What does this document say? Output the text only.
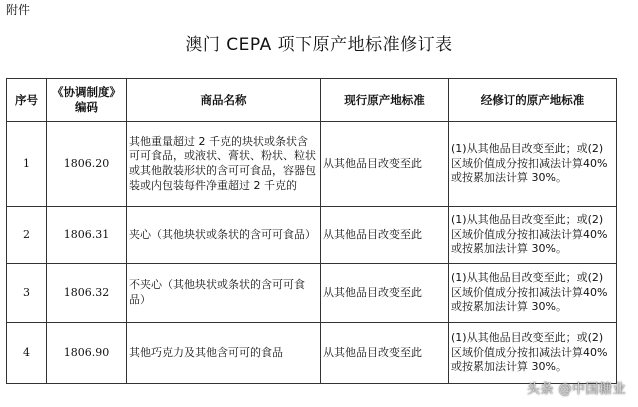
附件
澳门 CEPA 项下原产地标准修订表
序号	《协调制度》编码	商品名称	现行原产地标准	经修订的原产地标准
1	1806.20	其他重量超过 2 千克的块状或条状含可可食品，或液状、膏状、粉状、粒状或其他散装形状的含可可食品，容器包装或内包装每件净重超过 2 千克的	从其他品目改变至此	(1)从其他品目改变至此；或(2)区域价值成分按扣减法计算40%或按累加法计算 30%。
2	1806.31	夹心（其他块状或条状的含可可食品）	从其他品目改变至此	(1)从其他品目改变至此；或(2)区域价值成分按扣减法计算40%或按累加法计算 30%。
3	1806.32	不夹心（其他块状或条状的含可可食品）	从其他品目改变至此	(1)从其他品目改变至此；或(2)区域价值成分按扣减法计算40%或按累加法计算 30%。
4	1806.90	其他巧克力及其他含可可的食品	从其他品目改变至此	(1)从其他品目改变至此；或(2)区域价值成分按扣减法计算40%或按累加法计算 30%。
头条 @中国糖业
